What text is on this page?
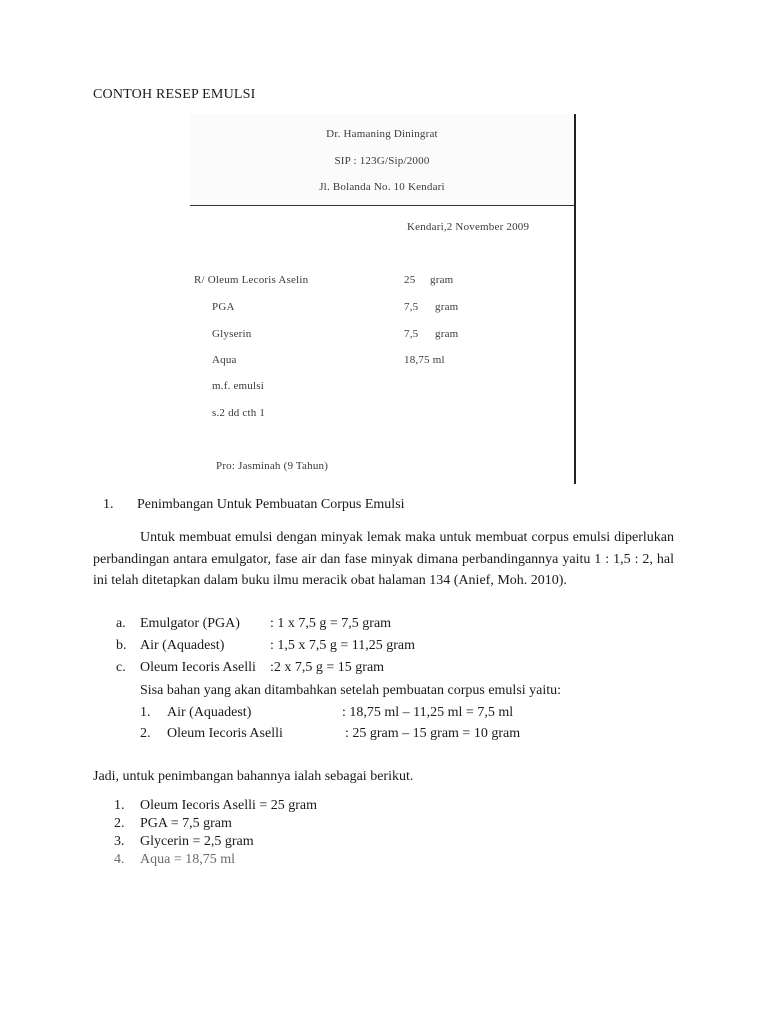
CONTOH RESEP EMULSI
Dr. Hamaning Diningrat
SIP : 123G/Sip/2000
Jl. Bolanda No. 10 Kendari
Kendari,2 November 2009
R/ Oleum Lecoris Aselin	25 gram
PGA	7,5 gram
Glyserin	7,5 gram
Aqua	18,75 ml
m.f. emulsi
s.2 dd cth 1
Pro: Jasminah (9 Tahun)
1. Penimbangan Untuk Pembuatan Corpus Emulsi
Untuk membuat emulsi dengan minyak lemak maka untuk membuat corpus emulsi diperlukan perbandingan antara emulgator, fase air dan fase minyak dimana perbandingannya yaitu 1 : 1,5 : 2, hal ini telah ditetapkan dalam buku ilmu meracik obat halaman 134 (Anief, Moh. 2010).
a. Emulgator (PGA) : 1 x 7,5 g = 7,5 gram
b. Air (Aquadest)	: 1,5 x 7,5 g = 11,25 gram
c. Oleum Iecoris Aselli :2 x 7,5 g = 15 gram
Sisa bahan yang akan ditambahkan setelah pembuatan corpus emulsi yaitu:
1. Air (Aquadest)	: 18,75 ml – 11,25 ml = 7,5 ml
2. Oleum Iecoris Aselli	: 25 gram – 15 gram = 10 gram
Jadi, untuk penimbangan bahannya ialah sebagai berikut.
1. Oleum Iecoris Aselli = 25 gram
2. PGA = 7,5 gram
3. Glycerin = 2,5 gram
4. Aqua = 18,75 ml
